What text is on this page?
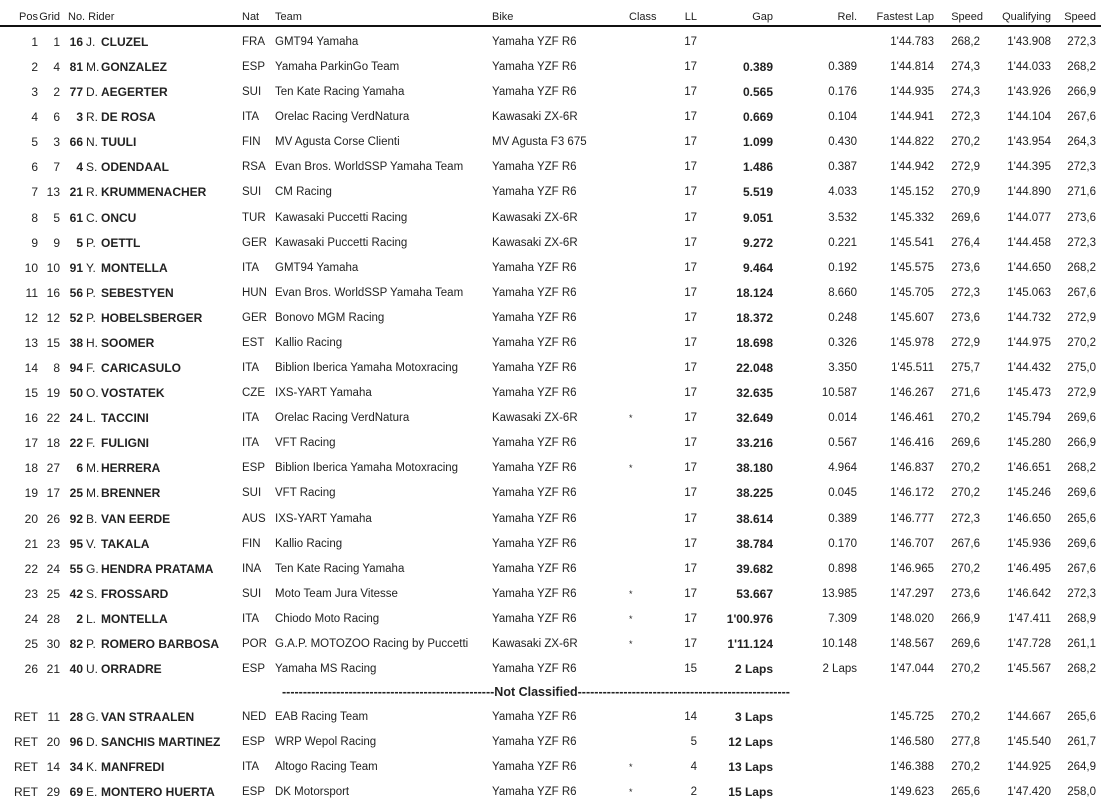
Pos Grid No. Rider	Nat Team	Bike	Class	LL	Gap	Rel. Fastest Lap Speed Qualifying Speed
1 1 16 J. CLUZEL	FRA GMT94 Yamaha	Yamaha YZF R6	17	1'44.783 268,2 1'43.908 272,3
2 4 81 M. GONZALEZ	ESP Yamaha ParkinGo Team	Yamaha YZF R6	17	0.389	0.389	1'44.814 274,3 1'44.033 268,2
3 2 77 D. AEGERTER	SUI Ten Kate Racing Yamaha	Yamaha YZF R6	17	0.565	0.176	1'44.935 274,3 1'43.926 266,9
4 6 3 R. DE ROSA	ITA Orelac Racing VerdNatura	Kawasaki ZX-6R	17	0.669	0.104	1'44.941 272,3 1'44.104 267,6
5 3 66 N. TUULI	FIN MV Agusta Corse Clienti	MV Agusta F3 675	17	1.099	0.430	1'44.822 270,2 1'43.954 264,3
6 7 4 S. ODENDAAL	RSA Evan Bros. WorldSSP Yamaha Team	Yamaha YZF R6	17	1.486	0.387	1'44.942 272,9 1'44.395 272,3
7 13 21 R. KRUMMENACHER	SUI CM Racing	Yamaha YZF R6	17	5.519	4.033	1'45.152 270,9 1'44.890 271,6
8 5 61 C. ONCU	TUR Kawasaki Puccetti Racing	Kawasaki ZX-6R	17	9.051	3.532	1'45.332 269,6 1'44.077 273,6
9 9 5 P. OETTL	GER Kawasaki Puccetti Racing	Kawasaki ZX-6R	17	9.272	0.221	1'45.541 276,4 1'44.458 272,3
10 10 91 Y. MONTELLA	ITA GMT94 Yamaha	Yamaha YZF R6	17	9.464	0.192	1'45.575 273,6 1'44.650 268,2
11 16 56 P. SEBESTYEN	HUN Evan Bros. WorldSSP Yamaha Team	Yamaha YZF R6	17	18.124	8.660	1'45.705 272,3 1'45.063 267,6
12 12 52 P. HOBELSBERGER	GER Bonovo MGM Racing	Yamaha YZF R6	17	18.372	0.248	1'45.607 273,6 1'44.732 272,9
13 15 38 H. SOOMER	EST Kallio Racing	Yamaha YZF R6	17	18.698	0.326	1'45.978 272,9 1'44.975 270,2
14 8 94 F. CARICASULO	ITA Biblion Iberica Yamaha Motoxracing	Yamaha YZF R6	17	22.048	3.350	1'45.511 275,7 1'44.432 275,0
15 19 50 O. VOSTATEK	CZE IXS-YART Yamaha	Yamaha YZF R6	17	32.635	10.587	1'46.267 271,6 1'45.473 272,9
16 22 24 L. TACCINI	ITA Orelac Racing VerdNatura	Kawasaki ZX-6R	*	17	32.649	0.014	1'46.461 270,2 1'45.794 269,6
17 18 22 F. FULIGNI	ITA VFT Racing	Yamaha YZF R6	17	33.216	0.567	1'46.416 269,6 1'45.280 266,9
18 27 6 M. HERRERA	ESP Biblion Iberica Yamaha Motoxracing	Yamaha YZF R6	*	17	38.180	4.964	1'46.837 270,2 1'46.651 268,2
19 17 25 M. BRENNER	SUI VFT Racing	Yamaha YZF R6	17	38.225	0.045	1'46.172 270,2 1'45.246 269,6
20 26 92 B. VAN EERDE	AUS IXS-YART Yamaha	Yamaha YZF R6	17	38.614	0.389	1'46.777 272,3 1'46.650 265,6
21 23 95 V. TAKALA	FIN Kallio Racing	Yamaha YZF R6	17	38.784	0.170	1'46.707 267,6 1'45.936 269,6
22 24 55 G. HENDRA PRATAMA INA Ten Kate Racing Yamaha	Yamaha YZF R6	17	39.682	0.898	1'46.965 270,2 1'46.495 267,6
23 25 42 S. FROSSARD	SUI Moto Team Jura Vitesse	Yamaha YZF R6	*	17	53.667	13.985	1'47.297 273,6 1'46.642 272,3
24 28 2 L. MONTELLA	ITA Chiodo Moto Racing	Yamaha YZF R6	*	17 1'00.976	7.309	1'48.020 266,9 1'47.411 268,9
25 30 82 P. ROMERO BARBOSA POR G.A.P. MOTOZOO Racing by Puccetti Kawasaki ZX-6R	*	17	1'11.124	10.148	1'48.567 269,6 1'47.728 261,1
26 21 40 U. ORRADRE	ESP Yamaha MS Racing	Yamaha YZF R6	15	2 Laps	2 Laps	1'47.044 270,2 1'45.567 268,2
RET 11 28 G. VAN STRAALEN	NED EAB Racing Team	Yamaha YZF R6	14	3 Laps	1'45.725 270,2 1'44.667 265,6
RET 20 96 D. SANCHIS MARTINEZ ESP WRP Wepol Racing	Yamaha YZF R6	5	12 Laps	1'46.580 277,8 1'45.540 261,7
RET 14 34 K. MANFREDI	ITA Altogo Racing Team	Yamaha YZF R6	*	4	13 Laps	1'46.388 270,2 1'44.925 264,9
RET 29 69 E. MONTERO HUERTA ESP DK Motorsport	Yamaha YZF R6	*	2	15 Laps	1'49.623 265,6 1'47.420 258,0
---------------------------------------------------Not Classified---------------------------------------------------
